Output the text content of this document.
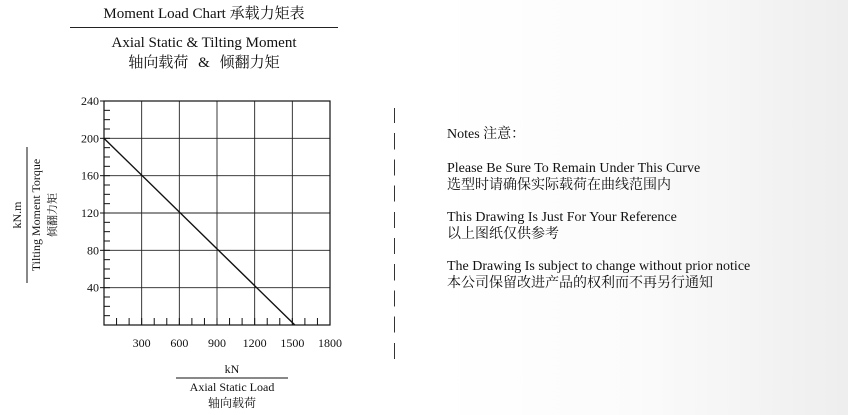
Moment Load Chart 承载力矩表
Axial Static & Tilting Moment
轴向载荷 & 倾翻力矩
300 600 900 1200 1500 1800
40
80
120
160
200
240
kN
Axial Static Load
轴向载荷
kN.m Tilting Moment Torque 倾翻力矩
Notes 注意：
Please Be Sure To Remain Under This Curve
选型时请确保实际载荷在曲线范围内
This Drawing Is Just For Your Reference
以上图纸仅供参考
The Drawing Is subject to change without prior notice
本公司保留改进产品的权利而不再另行通知
